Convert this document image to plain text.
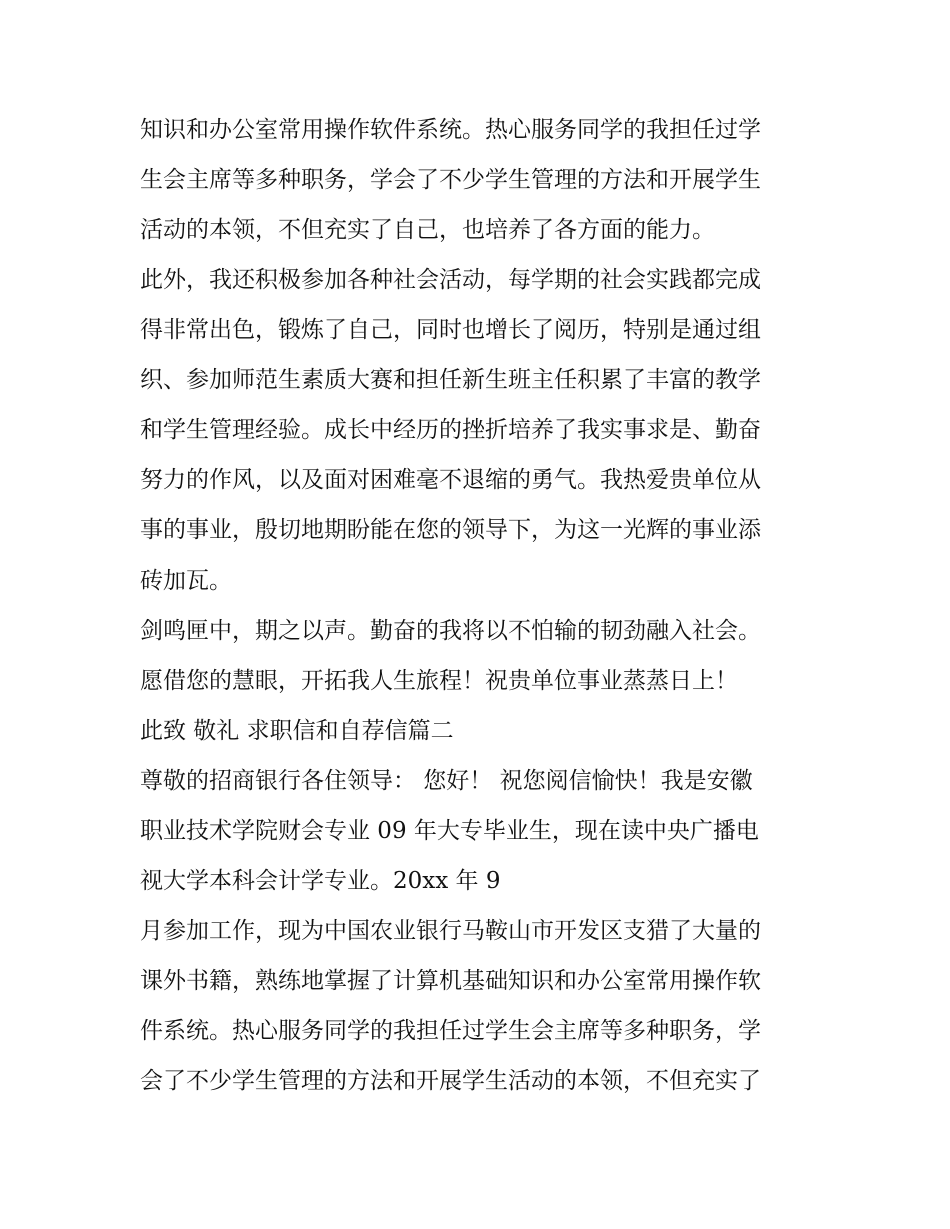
知识和办公室常用操作软件系统。热心服务同学的我担任过学
生会主席等多种职务，学会了不少学生管理的方法和开展学生
活动的本领，不但充实了自己，也培养了各方面的能力。
此外，我还积极参加各种社会活动，每学期的社会实践都完成
得非常出色，锻炼了自己，同时也增长了阅历，特别是通过组
织、参加师范生素质大赛和担任新生班主任积累了丰富的教学
和学生管理经验。成长中经历的挫折培养了我实事求是、勤奋
努力的作风，以及面对困难毫不退缩的勇气。我热爱贵单位从
事的事业，殷切地期盼能在您的领导下，为这一光辉的事业添
砖加瓦。
剑鸣匣中，期之以声。勤奋的我将以不怕输的韧劲融入社会。
愿借您的慧眼，开拓我人生旅程！祝贵单位事业蒸蒸日上！
此致 敬礼 求职信和自荐信篇二
尊敬的招商银行各住领导： 您好！ 祝您阅信愉快！我是安徽
职业技术学院财会专业 09 年大专毕业生，现在读中央广播电
视大学本科会计学专业。20xx 年 9
月参加工作，现为中国农业银行马鞍山市开发区支猎了大量的
课外书籍，熟练地掌握了计算机基础知识和办公室常用操作软
件系统。热心服务同学的我担任过学生会主席等多种职务，学
会了不少学生管理的方法和开展学生活动的本领，不但充实了
